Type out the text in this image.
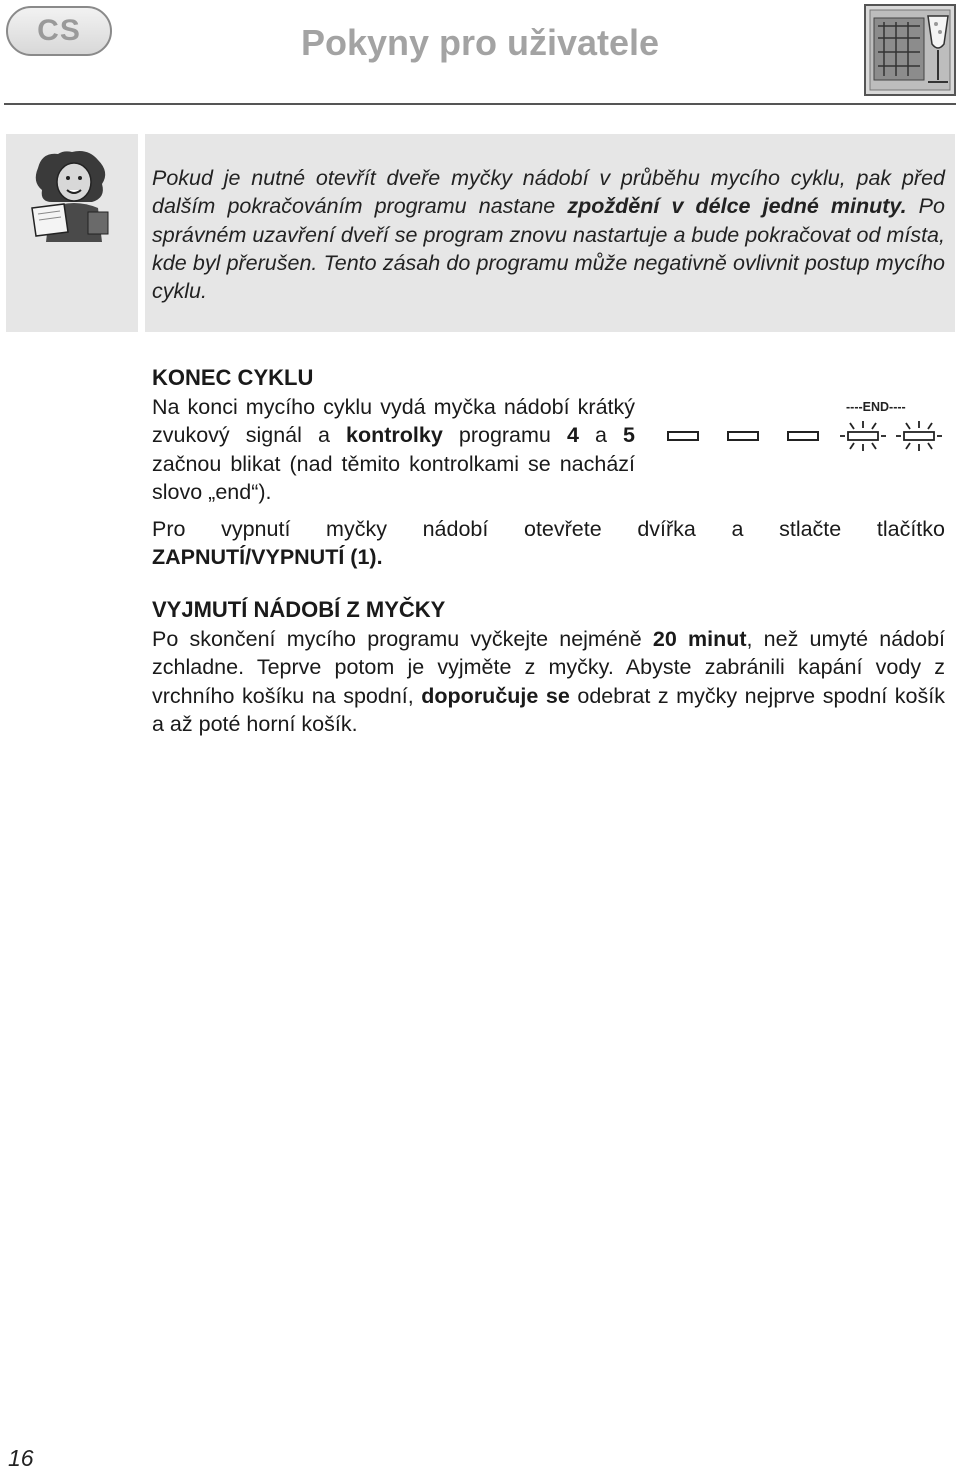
CS	Pokyny pro uživatele
Pokud je nutné otevřít dveře myčky nádobí v průběhu mycího cyklu, pak před dalším pokračováním programu nastane zpoždění v délce jedné minuty. Po správném uzavření dveří se program znovu nastartuje a bude pokračovat od místa, kde byl přerušen. Tento zásah do programu může negativně ovlivnit postup mycího cyklu.
KONEC CYKLU
Na konci mycího cyklu vydá myčka nádobí krátký zvukový signál a kontrolky programu 4 a 5 začnou blikat (nad těmito kontrolkami se nachází slovo „end“).
----END----
Pro vypnutí myčky nádobí otevřete dvířka a stlačte tlačítko
ZAPNUTÍ/VYPNUTÍ (1).
VYJMUTÍ NÁDOBÍ Z MYČKY
Po skončení mycího programu vyčkejte nejméně 20 minut, než umyté nádobí zchladne. Teprve potom je vyjměte z myčky. Abyste zabránili kapání vody z vrchního košíku na spodní, doporučuje se odebrat z myčky nejprve spodní košík a až poté horní košík.
16
